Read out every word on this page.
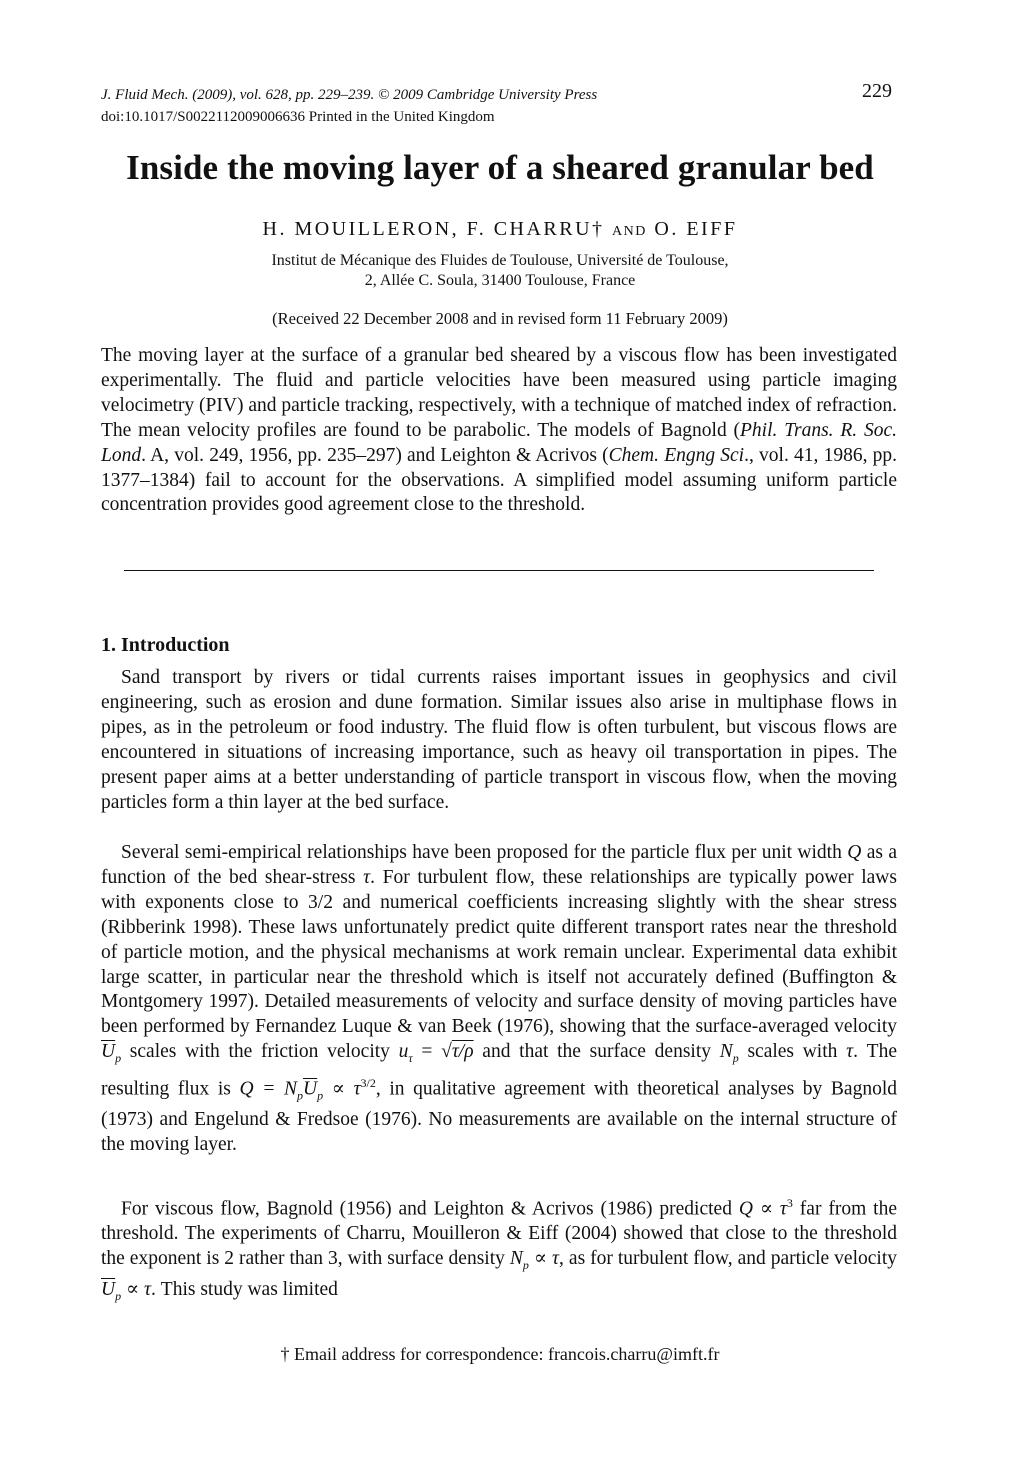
J. Fluid Mech. (2009), vol. 628, pp. 229–239. © 2009 Cambridge University Press
doi:10.1017/S0022112009006636 Printed in the United Kingdom
229
Inside the moving layer of a sheared granular bed
H. MOUILLERON, F. CHARRU† AND O. EIFF
Institut de Mécanique des Fluides de Toulouse, Université de Toulouse,
2, Allée C. Soula, 31400 Toulouse, France
(Received 22 December 2008 and in revised form 11 February 2009)
The moving layer at the surface of a granular bed sheared by a viscous flow has been investigated experimentally. The fluid and particle velocities have been measured using particle imaging velocimetry (PIV) and particle tracking, respectively, with a technique of matched index of refraction. The mean velocity profiles are found to be parabolic. The models of Bagnold (Phil. Trans. R. Soc. Lond. A, vol. 249, 1956, pp. 235–297) and Leighton & Acrivos (Chem. Engng Sci., vol. 41, 1986, pp. 1377–1384) fail to account for the observations. A simplified model assuming uniform particle concentration provides good agreement close to the threshold.
1. Introduction
Sand transport by rivers or tidal currents raises important issues in geophysics and civil engineering, such as erosion and dune formation. Similar issues also arise in multiphase flows in pipes, as in the petroleum or food industry. The fluid flow is often turbulent, but viscous flows are encountered in situations of increasing importance, such as heavy oil transportation in pipes. The present paper aims at a better understanding of particle transport in viscous flow, when the moving particles form a thin layer at the bed surface.
Several semi-empirical relationships have been proposed for the particle flux per unit width Q as a function of the bed shear-stress τ. For turbulent flow, these relationships are typically power laws with exponents close to 3/2 and numerical coefficients increasing slightly with the shear stress (Ribberink 1998). These laws unfortunately predict quite different transport rates near the threshold of particle motion, and the physical mechanisms at work remain unclear. Experimental data exhibit large scatter, in particular near the threshold which is itself not accurately defined (Buffington & Montgomery 1997). Detailed measurements of velocity and surface density of moving particles have been performed by Fernandez Luque & van Beek (1976), showing that the surface-averaged velocity $\overline{U}_p$ scales with the friction velocity $u_\tau = √\tau/\rho$ and that the surface density $N_p$ scales with τ. The resulting flux is $Q = N_p\overline{U}_p \propto \tau^{3/2}$, in qualitative agreement with theoretical analyses by Bagnold (1973) and Engelund & Fredsoe (1976). No measurements are available on the internal structure of the moving layer.
For viscous flow, Bagnold (1956) and Leighton & Acrivos (1986) predicted $Q \propto \tau^3$ far from the threshold. The experiments of Charru, Mouilleron & Eiff (2004) showed that close to the threshold the exponent is 2 rather than 3, with surface density $N_p \propto \tau$, as for turbulent flow, and particle velocity $\overline{U}_p \propto \tau$. This study was limited
† Email address for correspondence: francois.charru@imft.fr
